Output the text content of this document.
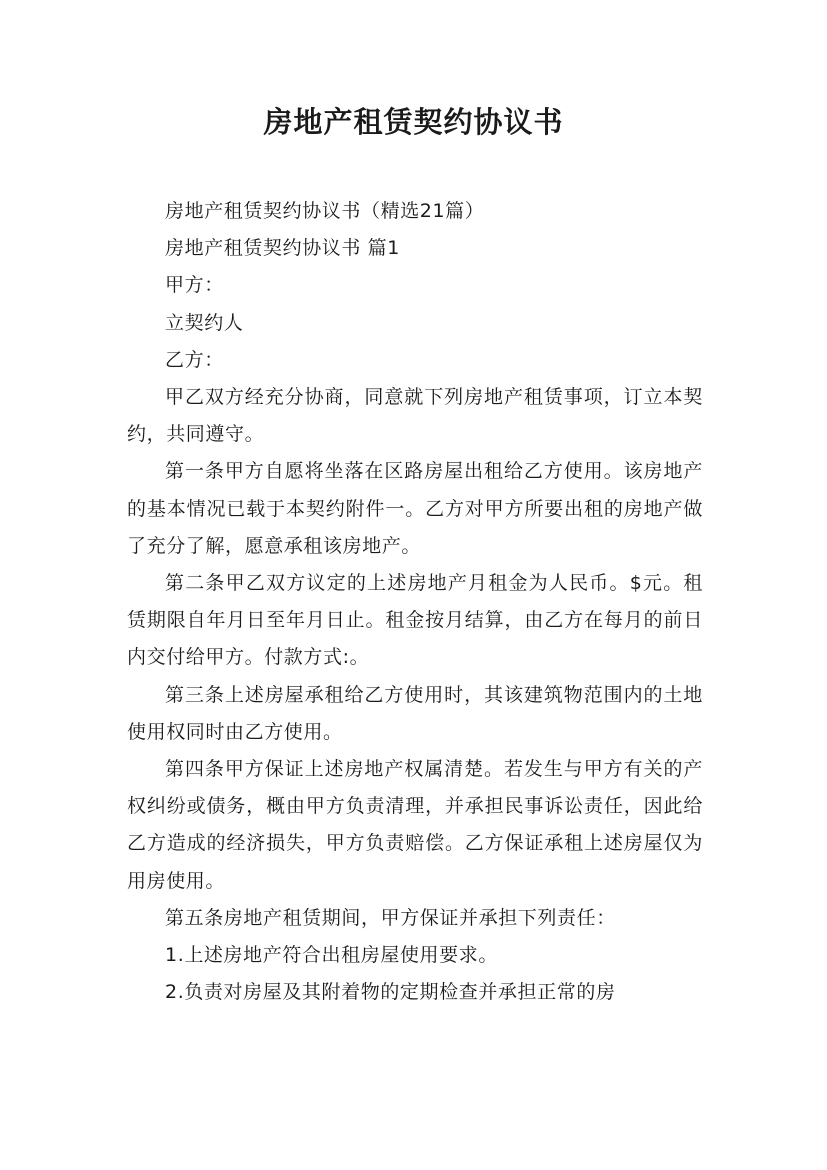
房地产租赁契约协议书

房地产租赁契约协议书（精选21篇）

房地产租赁契约协议书 篇1

甲方：

立契约人

乙方：

甲乙双方经充分协商，同意就下列房地产租赁事项，订立本契约，共同遵守。

第一条甲方自愿将坐落在区路房屋出租给乙方使用。该房地产的基本情况已载于本契约附件一。乙方对甲方所要出租的房地产做了充分了解，愿意承租该房地产。

第二条甲乙双方议定的上述房地产月租金为人民币。$元。租赁期限自年月日至年月日止。租金按月结算，由乙方在每月的前日内交付给甲方。付款方式:。

第三条上述房屋承租给乙方使用时，其该建筑物范围内的土地使用权同时由乙方使用。

第四条甲方保证上述房地产权属清楚。若发生与甲方有关的产权纠纷或债务，概由甲方负责清理，并承担民事诉讼责任，因此给乙方造成的经济损失，甲方负责赔偿。乙方保证承租上述房屋仅为用房使用。

第五条房地产租赁期间，甲方保证并承担下列责任：

1.上述房地产符合出租房屋使用要求。

2.负责对房屋及其附着物的定期检查并承担正常的房
